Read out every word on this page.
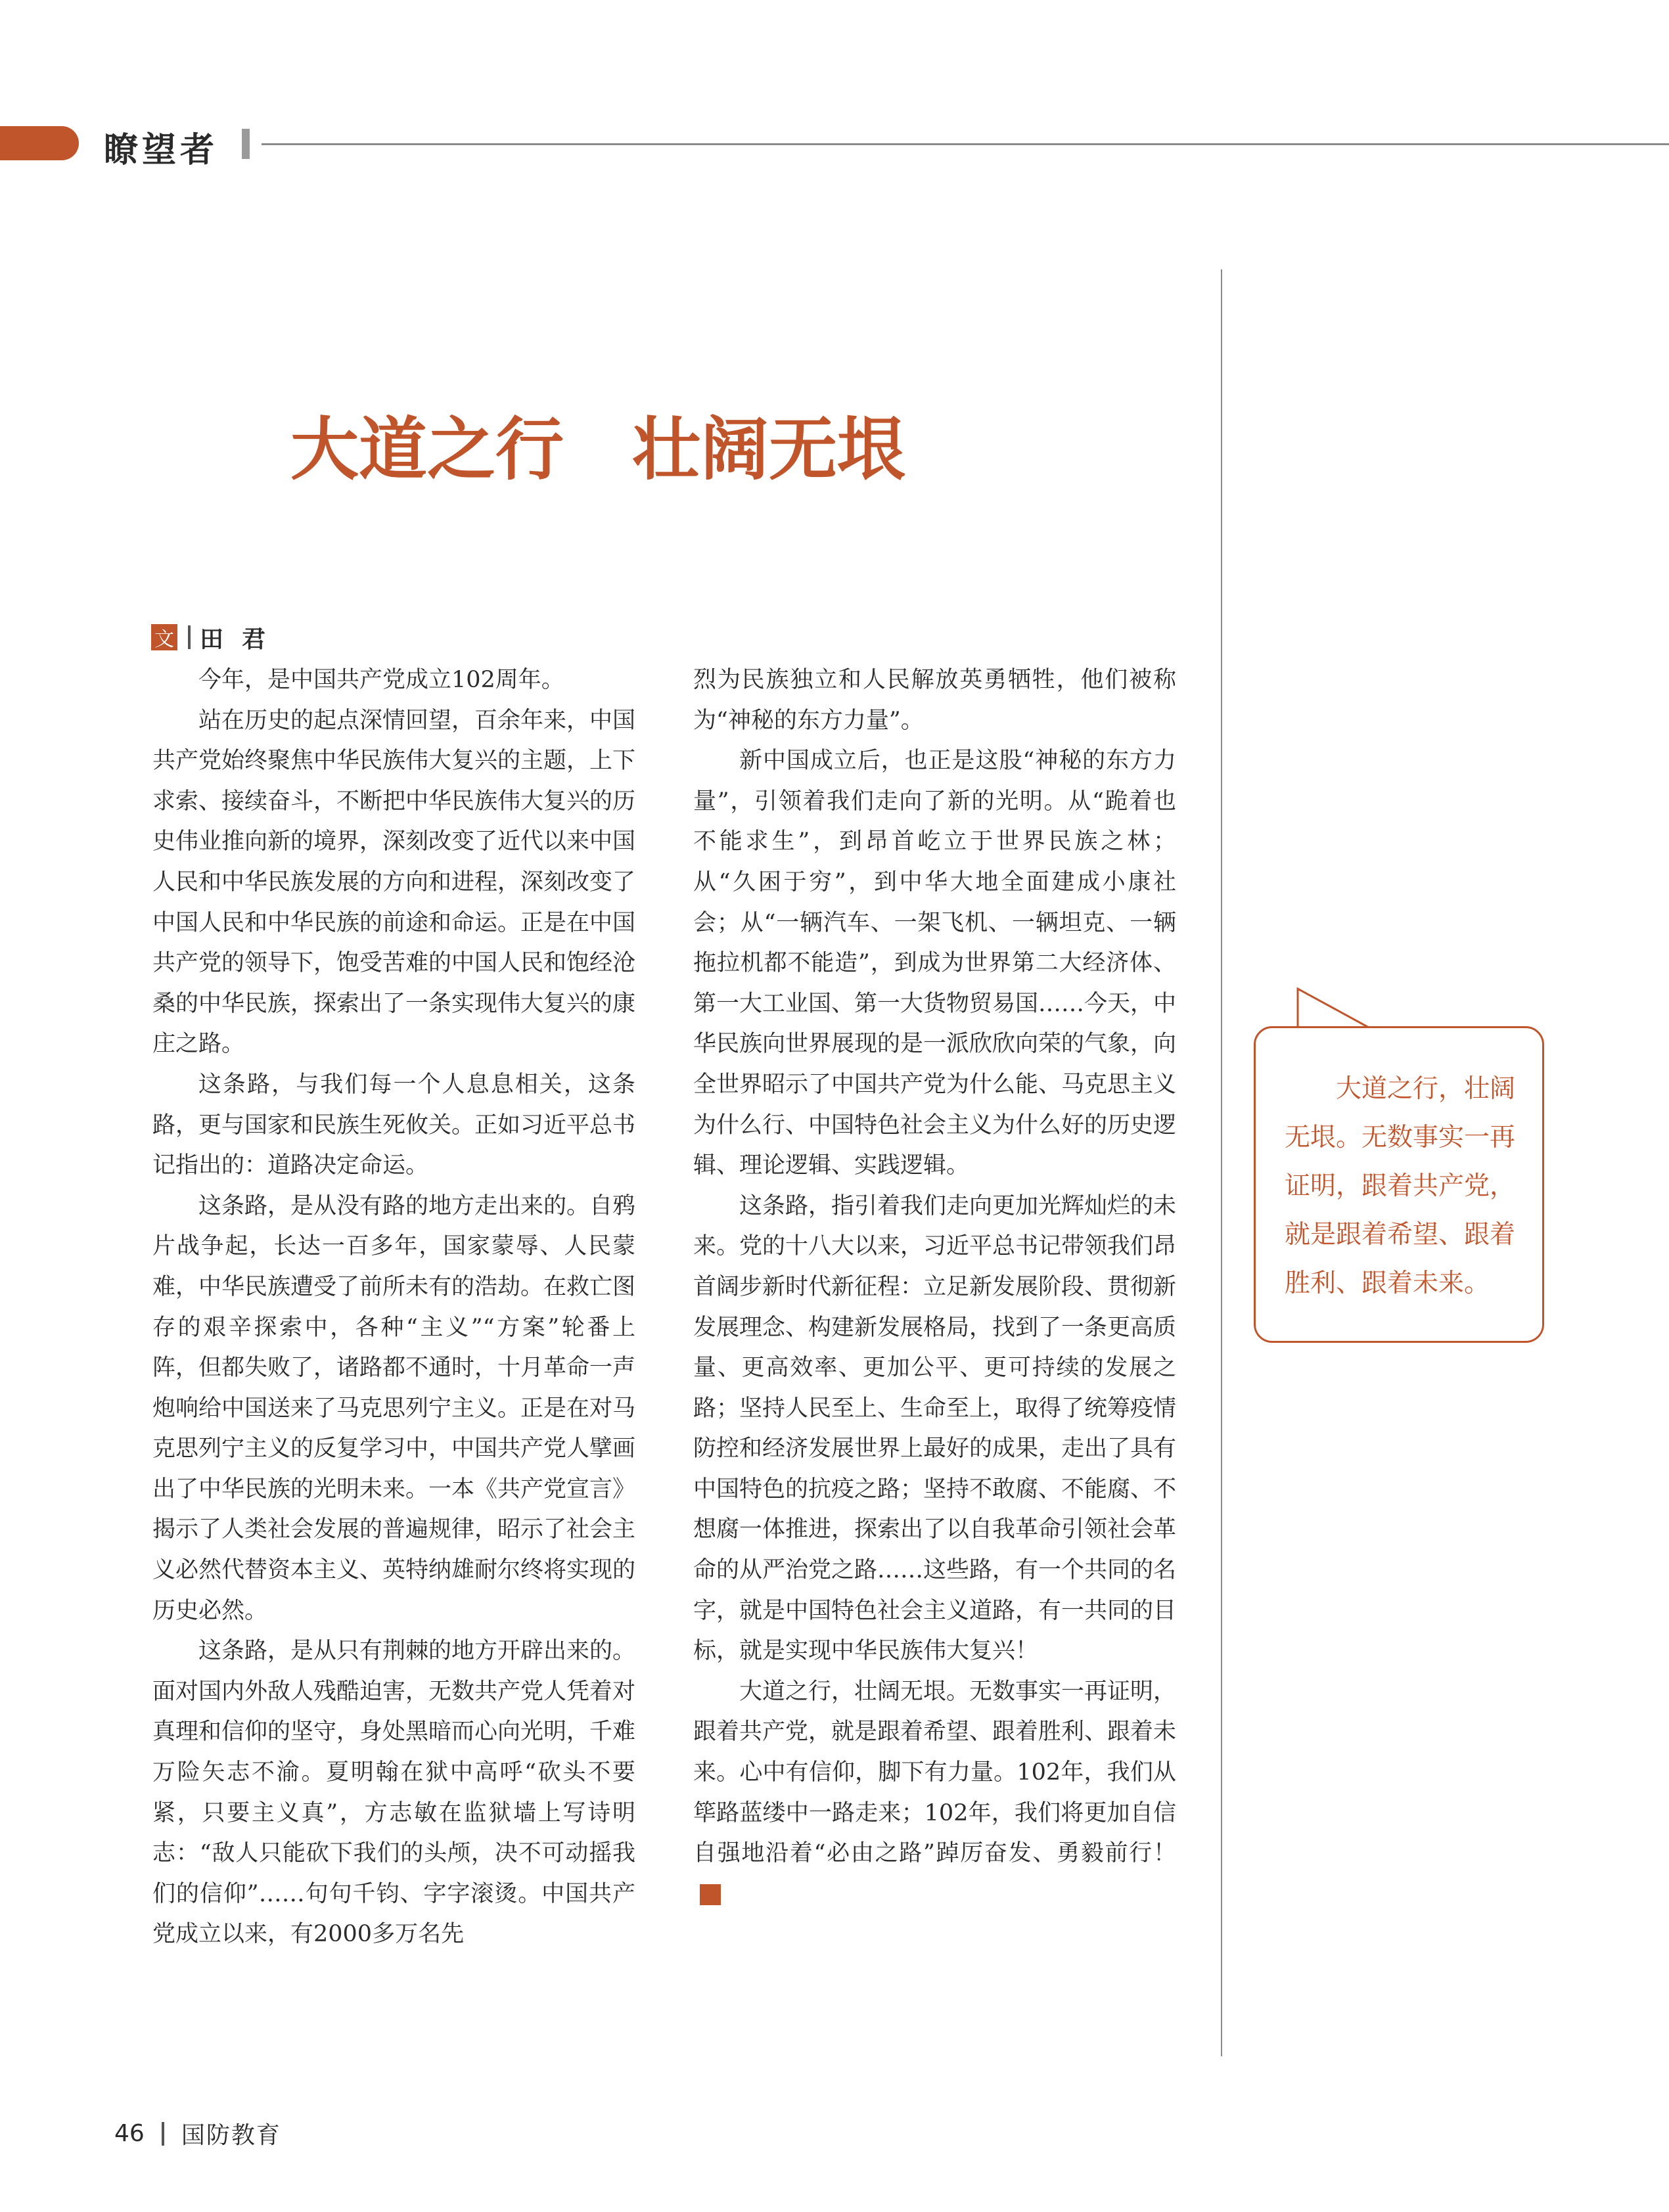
瞭望者
大道之行　壮阔无垠
文 田君

今年，是中国共产党成立102周年。

站在历史的起点深情回望，百余年来，中国共产党始终聚焦中华民族伟大复兴的主题，上下求索、接续奋斗，不断把中华民族伟大复兴的历史伟业推向新的境界，深刻改变了近代以来中国人民和中华民族发展的方向和进程，深刻改变了中国人民和中华民族的前途和命运。正是在中国共产党的领导下，饱受苦难的中国人民和饱经沧桑的中华民族，探索出了一条实现伟大复兴的康庄之路。

这条路，与我们每一个人息息相关，这条路，更与国家和民族生死攸关。正如习近平总书记指出的：道路决定命运。

这条路，是从没有路的地方走出来的。自鸦片战争起，长达一百多年，国家蒙辱、人民蒙难，中华民族遭受了前所未有的浩劫。在救亡图存的艰辛探索中，各种“主义”“方案”轮番上阵，但都失败了，诸路都不通时，十月革命一声炮响给中国送来了马克思列宁主义。正是在对马克思列宁主义的反复学习中，中国共产党人擘画出了中华民族的光明未来。一本《共产党宣言》揭示了人类社会发展的普遍规律，昭示了社会主义必然代替资本主义、英特纳雄耐尔终将实现的历史必然。

这条路，是从只有荆棘的地方开辟出来的。面对国内外敌人残酷迫害，无数共产党人凭着对真理和信仰的坚守，身处黑暗而心向光明，千难万险矢志不渝。夏明翰在狱中高呼“砍头不要紧，只要主义真”，方志敏在监狱墙上写诗明志：“敌人只能砍下我们的头颅，决不可动摇我们的信仰”……句句千钧、字字滚烫。中国共产党成立以来，有2000多万名先

烈为民族独立和人民解放英勇牺牲，他们被称为“神秘的东方力量”。

新中国成立后，也正是这股“神秘的东方力量”，引领着我们走向了新的光明。从“跪着也不能求生”，到昂首屹立于世界民族之林；从“久困于穷”，到中华大地全面建成小康社会；从“一辆汽车、一架飞机、一辆坦克、一辆拖拉机都不能造”，到成为世界第二大经济体、第一大工业国、第一大货物贸易国……今天，中华民族向世界展现的是一派欣欣向荣的气象，向全世界昭示了中国共产党为什么能、马克思主义为什么行、中国特色社会主义为什么好的历史逻辑、理论逻辑、实践逻辑。

这条路，指引着我们走向更加光辉灿烂的未来。党的十八大以来，习近平总书记带领我们昂首阔步新时代新征程：立足新发展阶段、贯彻新发展理念、构建新发展格局，找到了一条更高质量、更高效率、更加公平、更可持续的发展之路；坚持人民至上、生命至上，取得了统筹疫情防控和经济发展世界上最好的成果，走出了具有中国特色的抗疫之路；坚持不敢腐、不能腐、不想腐一体推进，探索出了以自我革命引领社会革命的从严治党之路……这些路，有一个共同的名字，就是中国特色社会主义道路，有一共同的目标，就是实现中华民族伟大复兴！

大道之行，壮阔无垠。无数事实一再证明，跟着共产党，就是跟着希望、跟着胜利、跟着未来。心中有信仰，脚下有力量。102年，我们从筚路蓝缕中一路走来；102年，我们将更加自信自强地沿着“必由之路”踔厉奋发、勇毅前行！G

大道之行，壮阔无垠。无数事实一再证明，跟着共产党，就是跟着希望、跟着胜利、跟着未来。
46 国防教育
